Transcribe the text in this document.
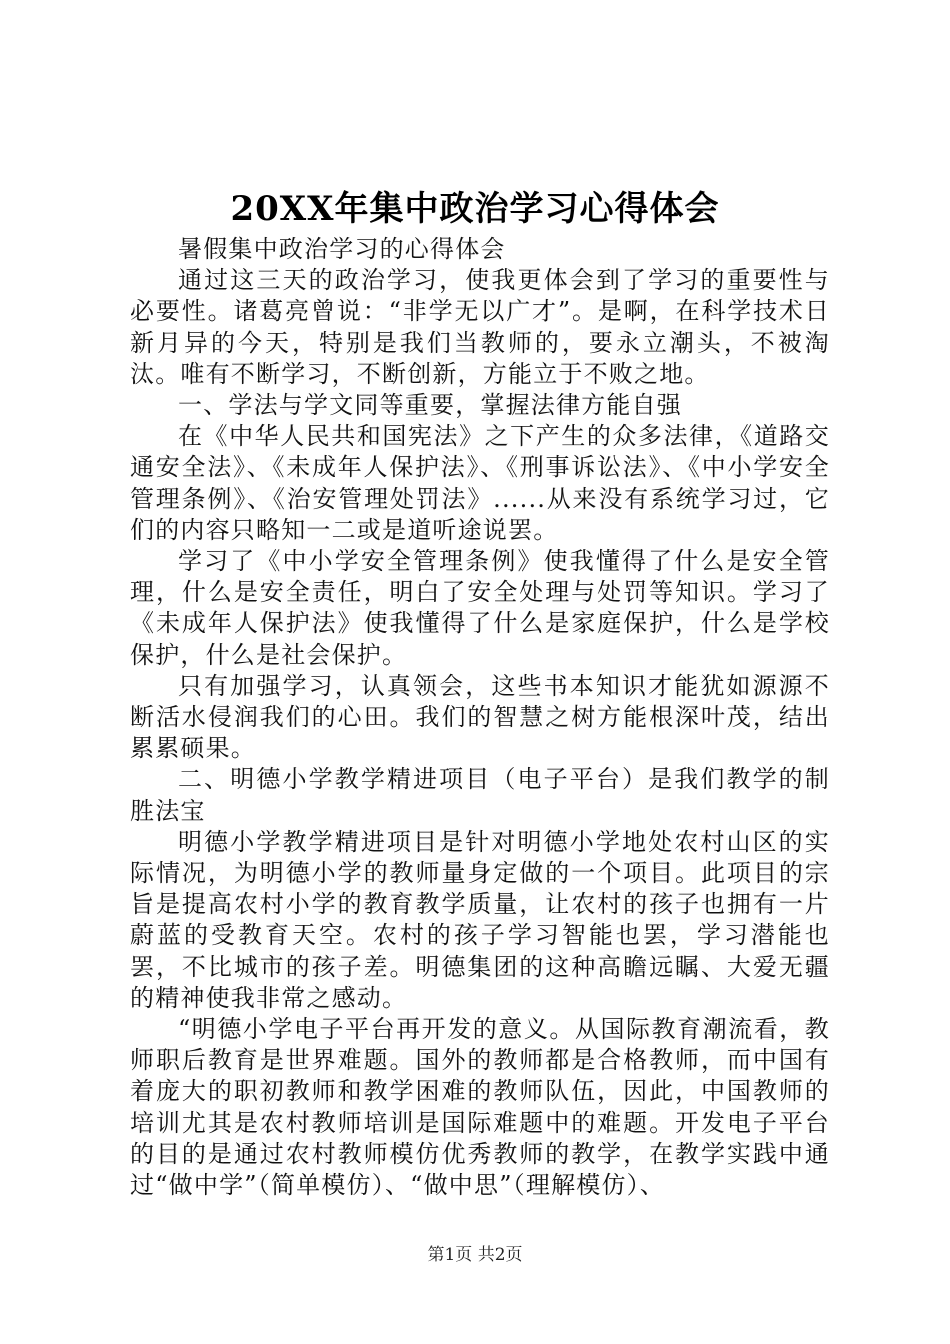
20XX年集中政治学习心得体会

暑假集中政治学习的心得体会

通过这三天的政治学习，使我更体会到了学习的重要性与必要性。诸葛亮曾说：“非学无以广才”。是啊，在科学技术日新月异的今天，特别是我们当教师的，要永立潮头，不被淘汰。唯有不断学习，不断创新，方能立于不败之地。

一、学法与学文同等重要，掌握法律方能自强

在《中华人民共和国宪法》之下产生的众多法律，《道路交通安全法》、《未成年人保护法》、《刑事诉讼法》、《中小学安全管理条例》、《治安管理处罚法》......从来没有系统学习过，它们的内容只略知一二或是道听途说罢。

学习了《中小学安全管理条例》使我懂得了什么是安全管理，什么是安全责任，明白了安全处理与处罚等知识。学习了《未成年人保护法》使我懂得了什么是家庭保护，什么是学校保护，什么是社会保护。

只有加强学习，认真领会，这些书本知识才能犹如源源不断活水侵润我们的心田。我们的智慧之树方能根深叶茂，结出累累硕果。

二、明德小学教学精进项目（电子平台）是我们教学的制胜法宝

明德小学教学精进项目是针对明德小学地处农村山区的实际情况，为明德小学的教师量身定做的一个项目。此项目的宗旨是提高农村小学的教育教学质量，让农村的孩子也拥有一片蔚蓝的受教育天空。农村的孩子学习智能也罢，学习潜能也罢，不比城市的孩子差。明德集团的这种高瞻远瞩、大爱无疆的精神使我非常之感动。

“明德小学电子平台再开发的意义。从国际教育潮流看，教师职后教育是世界难题。国外的教师都是合格教师，而中国有着庞大的职初教师和教学困难的教师队伍，因此，中国教师的培训尤其是农村教师培训是国际难题中的难题。开发电子平台的目的是通过农村教师模仿优秀教师的教学，在教学实践中通过“做中学”（简单模仿）、“做中思”（理解模仿）、

第1页 共2页
